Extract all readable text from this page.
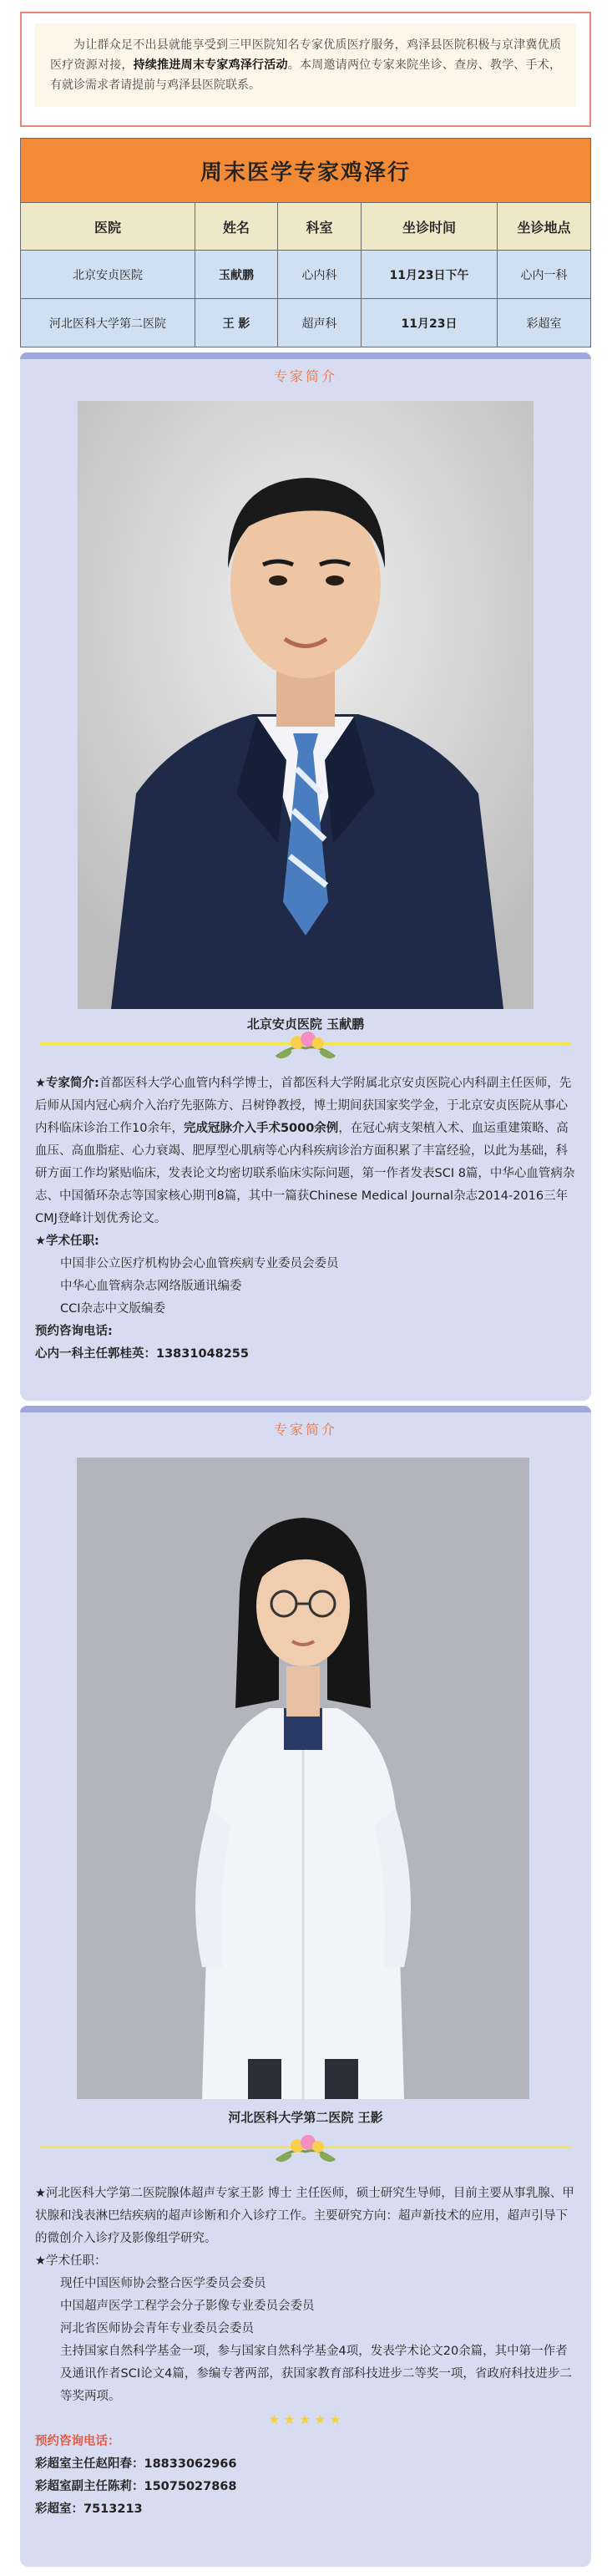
为让群众足不出县就能享受到三甲医院知名专家优质医疗服务，鸡泽县医院积极与京津冀优质医疗资源对接，持续推进周末专家鸡泽行活动。本周邀请两位专家来院坐诊、查房、教学、手术，有就诊需求者请提前与鸡泽县医院联系。
周末医学专家鸡泽行				
医院	姓名	科室	坐诊时间	坐诊地点
北京安贞医院	玉献鹏	心内科	11月23日下午	心内一科
河北医科大学第二医院	王 影	超声科	11月23日	彩超室
专家简介
北京安贞医院 玉献鹏

★专家简介:首都医科大学心血管内科学博士，首都医科大学附属北京安贞医院心内科副主任医师，先后师从国内冠心病介入治疗先驱陈方、吕树铮教授，博士期间获国家奖学金，于北京安贞医院从事心内科临床诊治工作10余年，完成冠脉介入手术5000余例，在冠心病支架植入术、血运重建策略、高血压、高血脂症、心力衰竭、肥厚型心肌病等心内科疾病诊治方面积累了丰富经验，以此为基础，科研方面工作均紧贴临床，发表论文均密切联系临床实际问题，第一作者发表SCI 8篇，中华心血管病杂志、中国循环杂志等国家核心期刊8篇，其中一篇获Chinese Medical Journal杂志2014-2016三年CMJ登峰计划优秀论文。

★学术任职:

中国非公立医疗机构协会心血管疾病专业委员会委员

中华心血管病杂志网络版通讯编委

CCI杂志中文版编委

预约咨询电话:

心内一科主任郭桂英：13831048255

专家简介
河北医科大学第二医院 王影

★河北医科大学第二医院腺体超声专家王影 博士 主任医师，硕士研究生导师，目前主要从事乳腺、甲状腺和浅表淋巴结疾病的超声诊断和介入诊疗工作。主要研究方向：超声新技术的应用，超声引导下的微创介入诊疗及影像组学研究。

★学术任职：

现任中国医师协会整合医学委员会委员

中国超声医学工程学会分子影像专业委员会委员

河北省医师协会青年专业委员会委员

主持国家自然科学基金一项，参与国家自然科学基金4项，发表学术论文20余篇，其中第一作者及通讯作者SCI论文4篇，参编专著两部，获国家教育部科技进步二等奖一项，省政府科技进步二等奖两项。

★★★★★

预约咨询电话：

彩超室主任赵阳春：18833062966

彩超室副主任陈莉：15075027868

彩超室：7513213
